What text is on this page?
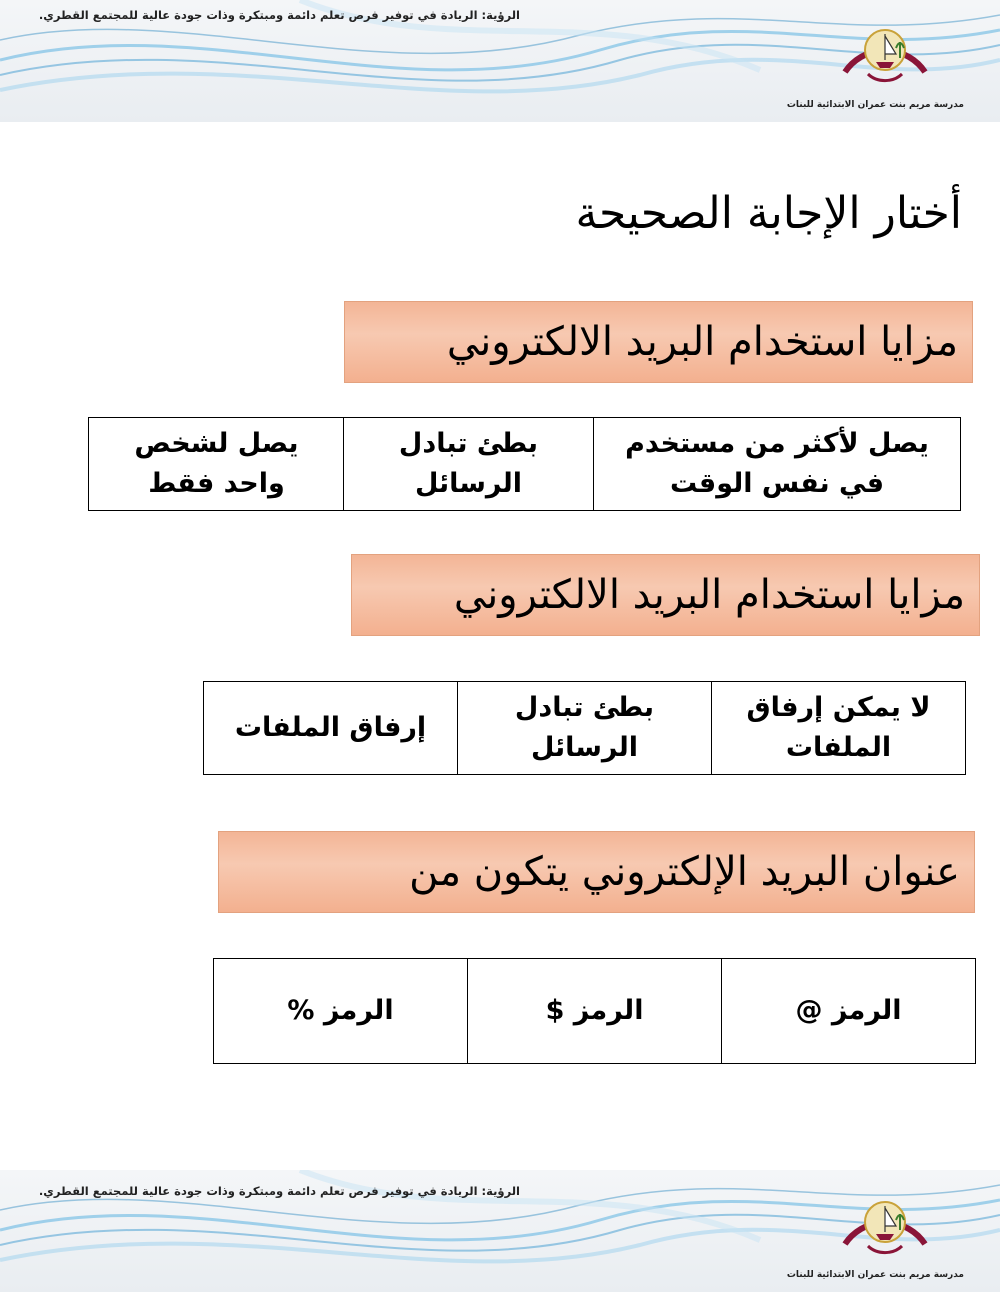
الرؤية: الريادة في توفير فرص تعلم دائمة ومبتكرة وذات جودة عالية للمجتمع القطري.
مدرسة مريم بنت عمران الابتدائية للبنات
أختار الإجابة الصحيحة
مزايا استخدام البريد الالكتروني
يصل لأكثر من مستخدم في نفس الوقت
بطئ تبادل الرسائل
يصل لشخص واحد فقط
مزايا استخدام البريد الالكتروني
لا يمكن إرفاق الملفات
بطئ تبادل الرسائل
إرفاق الملفات
عنوان البريد الإلكتروني يتكون من
الرمز @
الرمز $
الرمز %
الرؤية: الريادة في توفير فرص تعلم دائمة ومبتكرة وذات جودة عالية للمجتمع القطري.
مدرسة مريم بنت عمران الابتدائية للبنات
